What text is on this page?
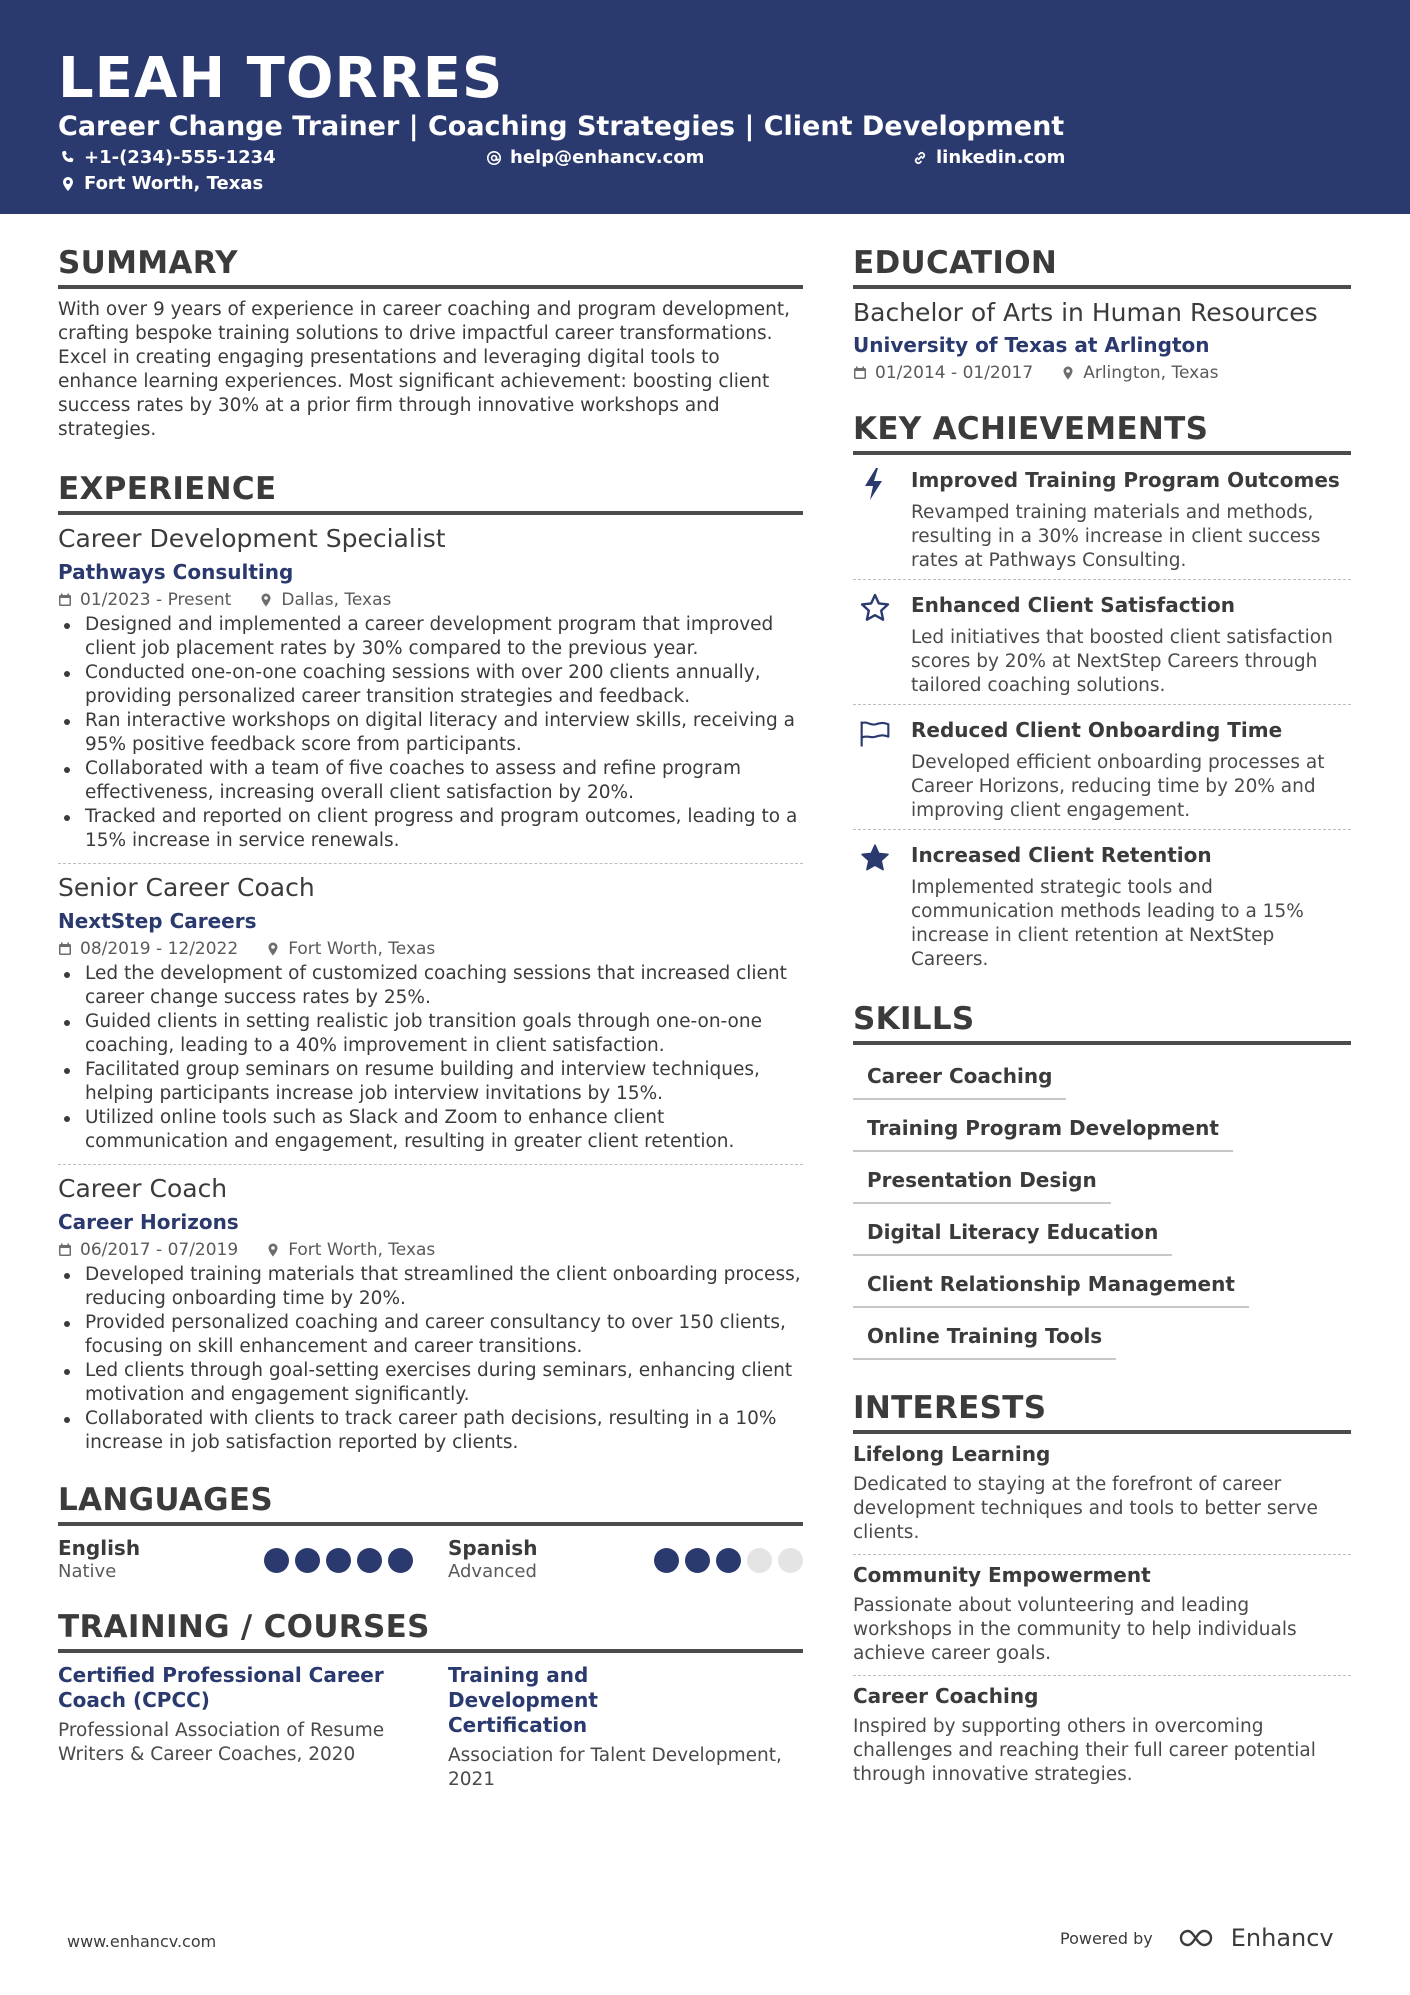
LEAH TORRES
Career Change Trainer | Coaching Strategies | Client Development
+1-(234)-555-1234	help@enhancv.com	linkedin.com
Fort Worth, Texas
SUMMARY
With over 9 years of experience in career coaching and program development, crafting bespoke training solutions to drive impactful career transformations. Excel in creating engaging presentations and leveraging digital tools to enhance learning experiences. Most significant achievement: boosting client success rates by 30% at a prior firm through innovative workshops and strategies.
EXPERIENCE
Career Development Specialist
Pathways Consulting
01/2023 - Present	Dallas, Texas
Designed and implemented a career development program that improved client job placement rates by 30% compared to the previous year.
Conducted one-on-one coaching sessions with over 200 clients annually, providing personalized career transition strategies and feedback.
Ran interactive workshops on digital literacy and interview skills, receiving a 95% positive feedback score from participants.
Collaborated with a team of five coaches to assess and refine program effectiveness, increasing overall client satisfaction by 20%.
Tracked and reported on client progress and program outcomes, leading to a 15% increase in service renewals.
Senior Career Coach
NextStep Careers
08/2019 - 12/2022	Fort Worth, Texas
Led the development of customized coaching sessions that increased client career change success rates by 25%.
Guided clients in setting realistic job transition goals through one-on-one coaching, leading to a 40% improvement in client satisfaction.
Facilitated group seminars on resume building and interview techniques, helping participants increase job interview invitations by 15%.
Utilized online tools such as Slack and Zoom to enhance client communication and engagement, resulting in greater client retention.
Career Coach
Career Horizons
06/2017 - 07/2019	Fort Worth, Texas
Developed training materials that streamlined the client onboarding process, reducing onboarding time by 20%.
Provided personalized coaching and career consultancy to over 150 clients, focusing on skill enhancement and career transitions.
Led clients through goal-setting exercises during seminars, enhancing client motivation and engagement significantly.
Collaborated with clients to track career path decisions, resulting in a 10% increase in job satisfaction reported by clients.
LANGUAGES
English
Native
Spanish
Advanced
TRAINING / COURSES
Certified Professional Career Coach (CPCC)
Professional Association of Resume Writers & Career Coaches, 2020
Training and Development Certification
Association for Talent Development, 2021
EDUCATION
Bachelor of Arts in Human Resources
University of Texas at Arlington
01/2014 - 01/2017	Arlington, Texas
KEY ACHIEVEMENTS
Improved Training Program Outcomes
Revamped training materials and methods, resulting in a 30% increase in client success rates at Pathways Consulting.
Enhanced Client Satisfaction
Led initiatives that boosted client satisfaction scores by 20% at NextStep Careers through tailored coaching solutions.
Reduced Client Onboarding Time
Developed efficient onboarding processes at Career Horizons, reducing time by 20% and improving client engagement.
Increased Client Retention
Implemented strategic tools and communication methods leading to a 15% increase in client retention at NextStep Careers.
SKILLS
Career Coaching
Training Program Development
Presentation Design
Digital Literacy Education
Client Relationship Management
Online Training Tools
INTERESTS
Lifelong Learning
Dedicated to staying at the forefront of career development techniques and tools to better serve clients.
Community Empowerment
Passionate about volunteering and leading workshops in the community to help individuals achieve career goals.
Career Coaching
Inspired by supporting others in overcoming challenges and reaching their full career potential through innovative strategies.
www.enhancv.com	Powered by	Enhancv
